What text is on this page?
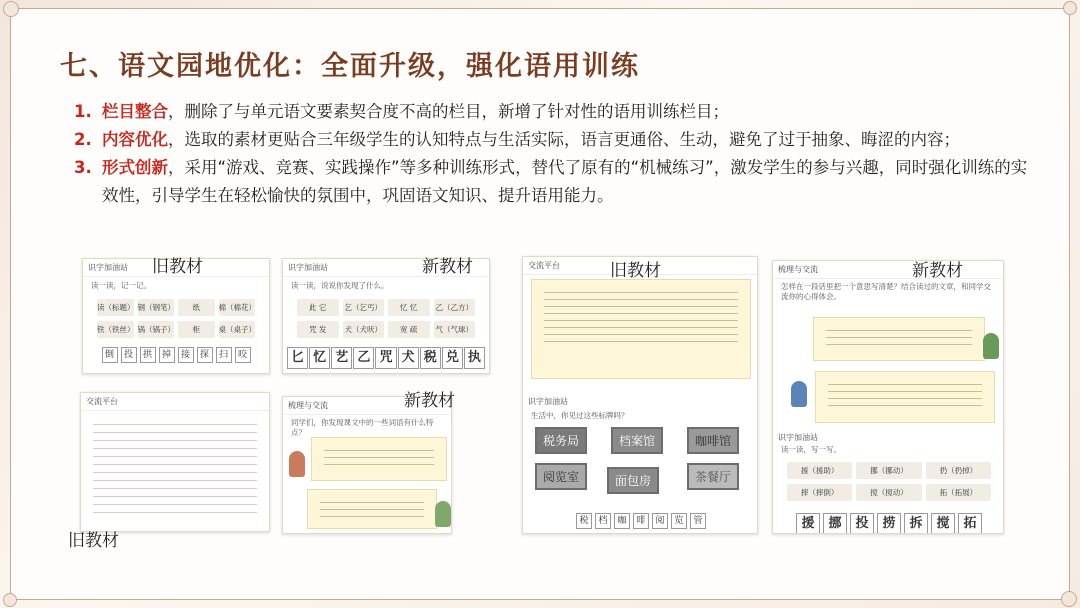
七、语文园地优化：全面升级，强化语用训练
1. 栏目整合，删除了与单元语文要素契合度不高的栏目，新增了针对性的语用训练栏目；
2. 内容优化，选取的素材更贴合三年级学生的认知特点与生活实际，语言更通俗、生动，避免了过于抽象、晦涩的内容；
3. 形式创新，采用“游戏、竞赛、实践操作”等多种训练形式，替代了原有的“机械练习”，激发学生的参与兴趣，同时强化训练的实效性，引导学生在轻松愉快的氛围中，巩固语文知识、提升语用能力。
识字加油站
读一读，记一记。
读（标题） 钢（钢笔）	纸	棉（棉花）
铁（铁丝） 锅（锅子）	柜	桌（桌子）
倒	投	拱	掉	接	探	扫	咬
旧教材	识字加油站
读一读，说说你发现了什么。
此 它	乞（乞丐）	忆 忆	乙（乙方）
咒 发	犬（犬吠）	宽 疏	气（气球）
匕 忆 艺 乙 咒 犬 税 兑 执
新教材
交流平台
旧教材
梳理与交流
同学们，你发现课文中的一些词语有什么特点？
新教材
交流平台
识字加油站
生活中，你见过这些标牌吗？
税务局	档案馆	咖啡馆
阅览室	面包房	茶餐厅
税	档	咖	啡	阅	览	管
旧教材	梳理与交流
怎样在一段话里把一个意思写清楚？结合读过的文章，和同学交流你的心得体会。
识字加油站
读一读，写一写。
援（援助）	挪（挪动）	扔（扔掉）
摔（摔倒）	搅（搅动）	拓（拓展）
援	挪	投	捞	拆	搅	拓
新教材
